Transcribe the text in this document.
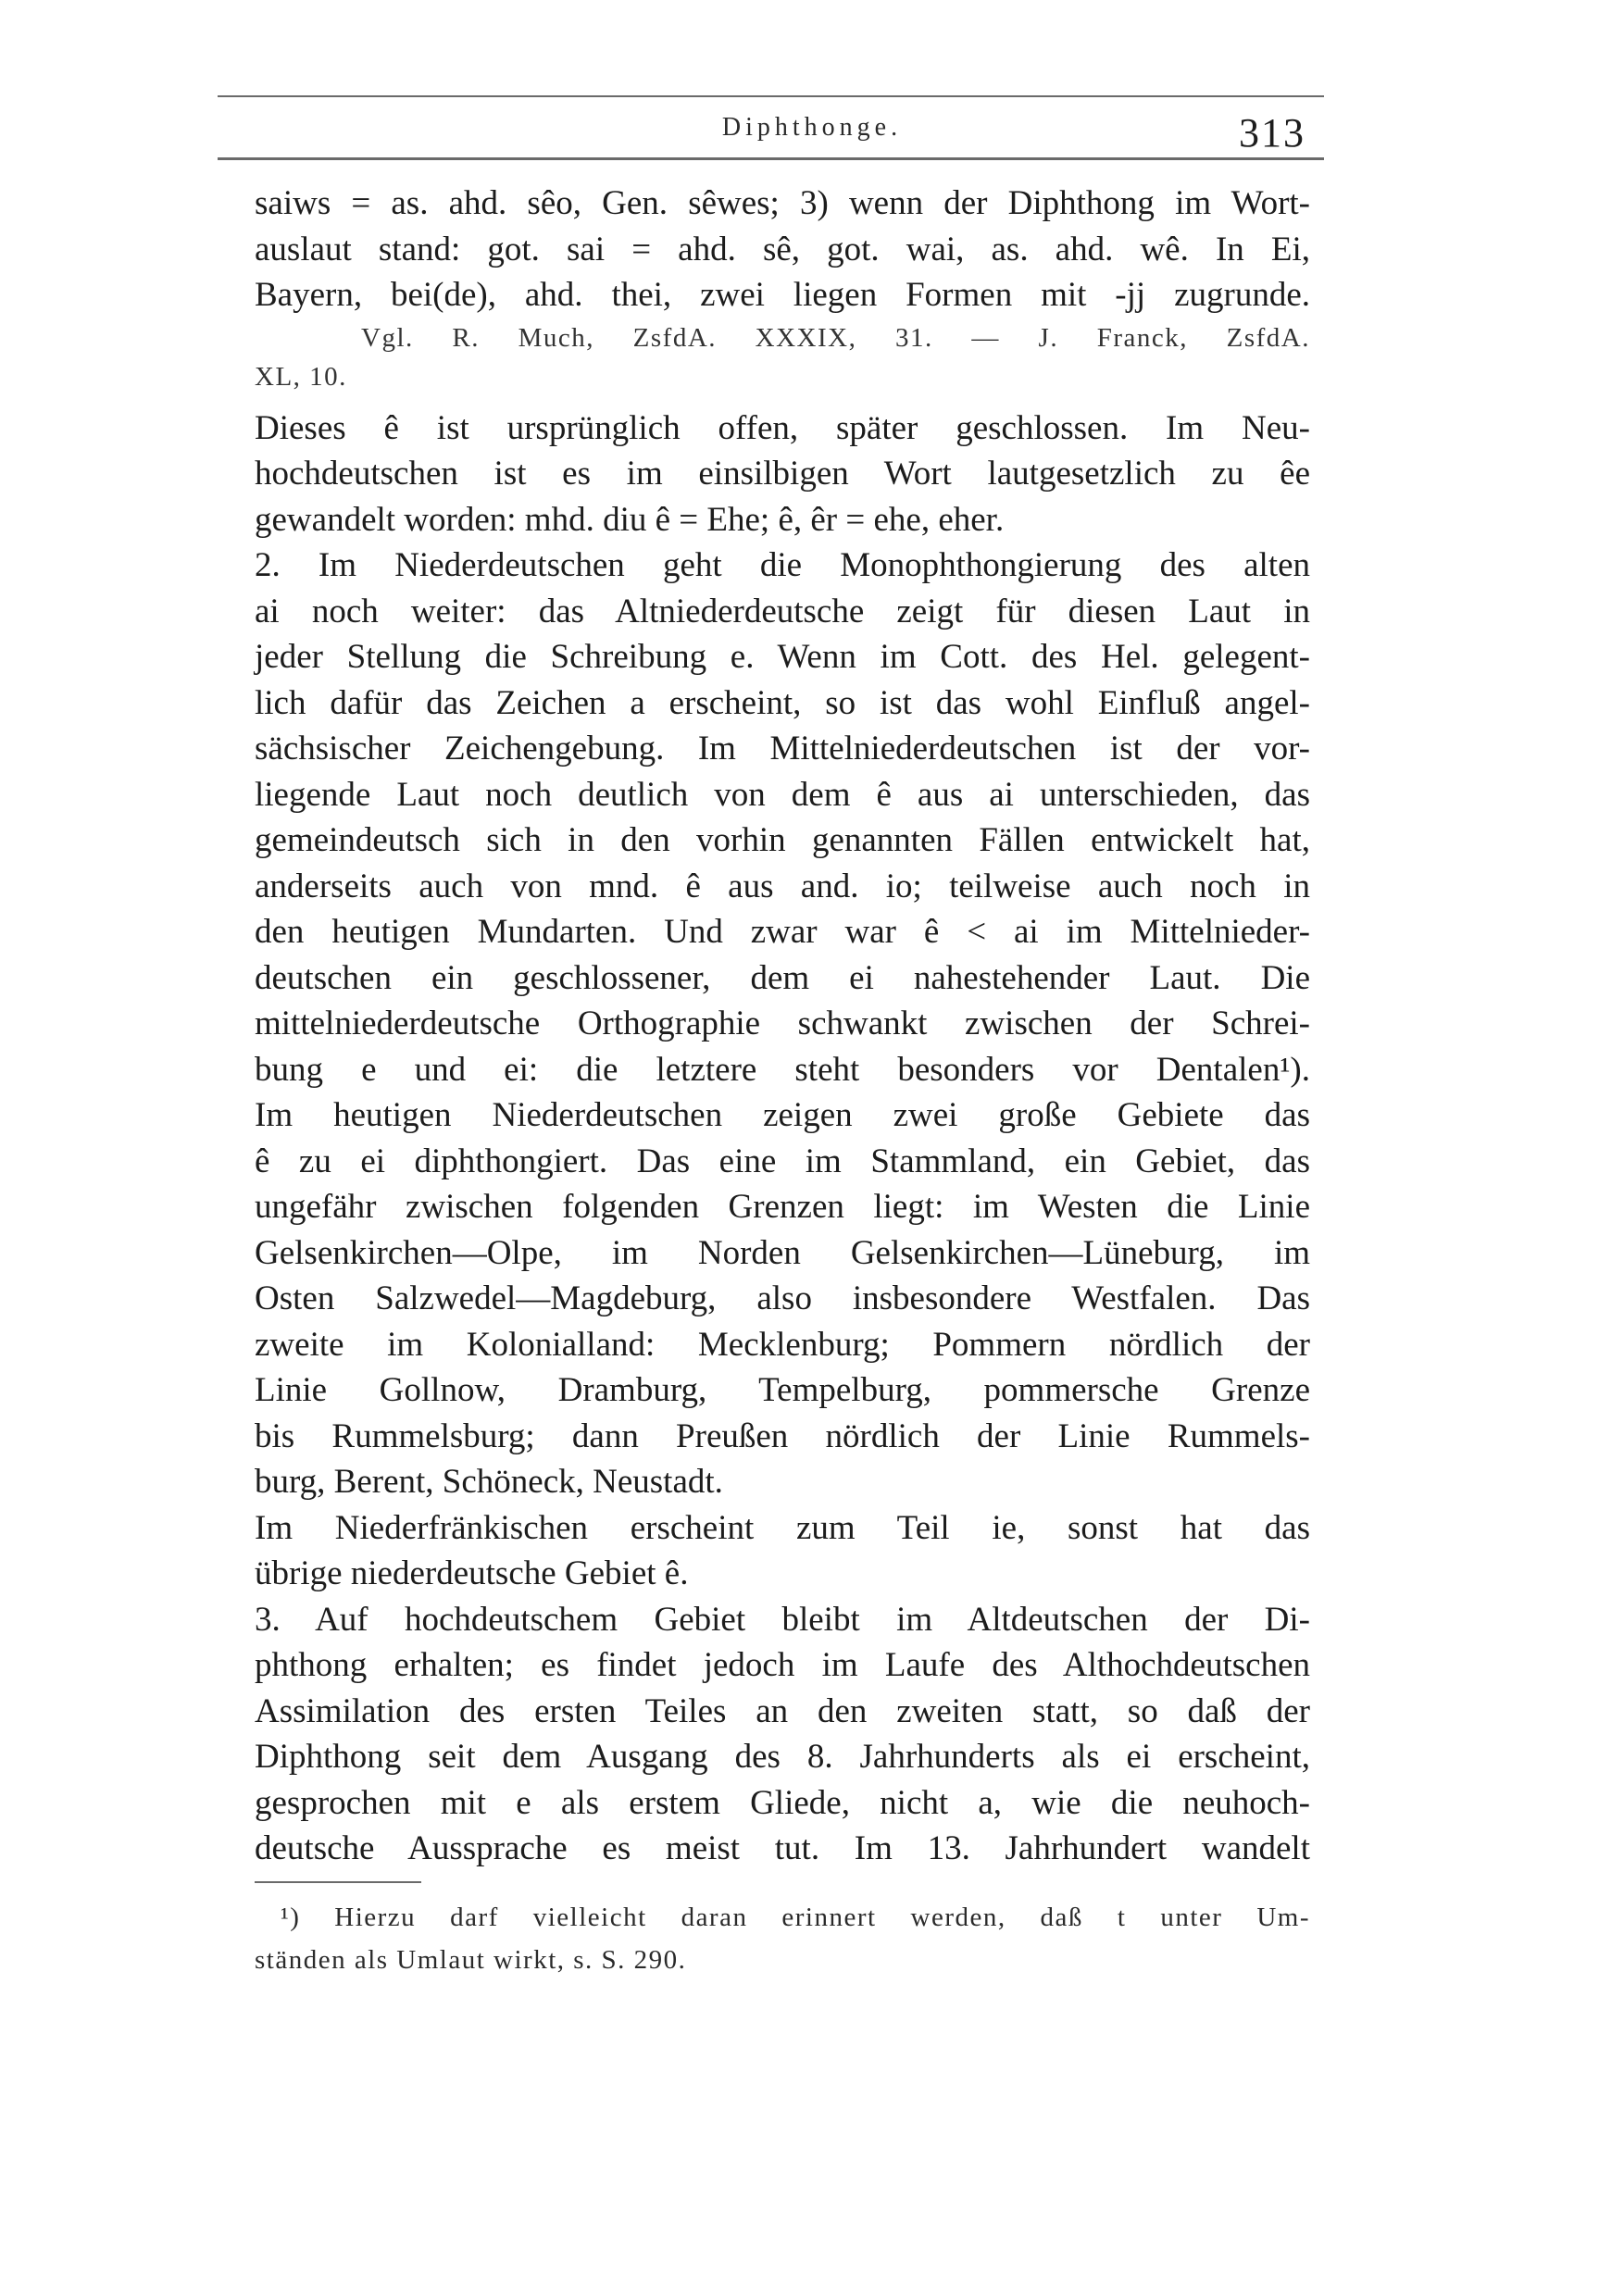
Diphthonge.	313
saiws = as. ahd. sêo, Gen. sêwes; 3) wenn der Diphthong im Wort-
auslaut stand: got. sai = ahd. sê, got. wai, as. ahd. wê. In Ei,
Bayern, bei(de), ahd. thei, zwei liegen Formen mit -jj zugrunde.
Vgl. R. Much, ZsfdA. XXXIX, 31. — J. Franck, ZsfdA.
XL, 10.
Dieses ê ist ursprünglich offen, später geschlossen. Im Neu-
hochdeutschen ist es im einsilbigen Wort lautgesetzlich zu êe
gewandelt worden: mhd. diu ê = Ehe; ê, êr = ehe, eher.
2. Im Niederdeutschen geht die Monophthongierung des alten
ai noch weiter: das Altniederdeutsche zeigt für diesen Laut in
jeder Stellung die Schreibung e. Wenn im Cott. des Hel. gelegent-
lich dafür das Zeichen a erscheint, so ist das wohl Einfluß angel-
sächsischer Zeichengebung. Im Mittelniederdeutschen ist der vor-
liegende Laut noch deutlich von dem ê aus ai unterschieden, das
gemeindeutsch sich in den vorhin genannten Fällen entwickelt hat,
anderseits auch von mnd. ê aus and. io; teilweise auch noch in
den heutigen Mundarten. Und zwar war ê < ai im Mittelnieder-
deutschen ein geschlossener, dem ei nahestehender Laut. Die
mittelniederdeutsche Orthographie schwankt zwischen der Schrei-
bung e und ei: die letztere steht besonders vor Dentalen¹).
Im heutigen Niederdeutschen zeigen zwei große Gebiete das
ê zu ei diphthongiert. Das eine im Stammland, ein Gebiet, das
ungefähr zwischen folgenden Grenzen liegt: im Westen die Linie
Gelsenkirchen—Olpe, im Norden Gelsenkirchen—Lüneburg, im
Osten Salzwedel—Magdeburg, also insbesondere Westfalen. Das
zweite im Kolonialland: Mecklenburg; Pommern nördlich der
Linie Gollnow, Dramburg, Tempelburg, pommersche Grenze
bis Rummelsburg; dann Preußen nördlich der Linie Rummels-
burg, Berent, Schöneck, Neustadt.
Im Niederfränkischen erscheint zum Teil ie, sonst hat das
übrige niederdeutsche Gebiet ê.
3. Auf hochdeutschem Gebiet bleibt im Altdeutschen der Di-
phthong erhalten; es findet jedoch im Laufe des Althochdeutschen
Assimilation des ersten Teiles an den zweiten statt, so daß der
Diphthong seit dem Ausgang des 8. Jahrhunderts als ei erscheint,
gesprochen mit e als erstem Gliede, nicht a, wie die neuhoch-
deutsche Aussprache es meist tut. Im 13. Jahrhundert wandelt
¹) Hierzu darf vielleicht daran erinnert werden, daß t unter Um-
ständen als Umlaut wirkt, s. S. 290.
